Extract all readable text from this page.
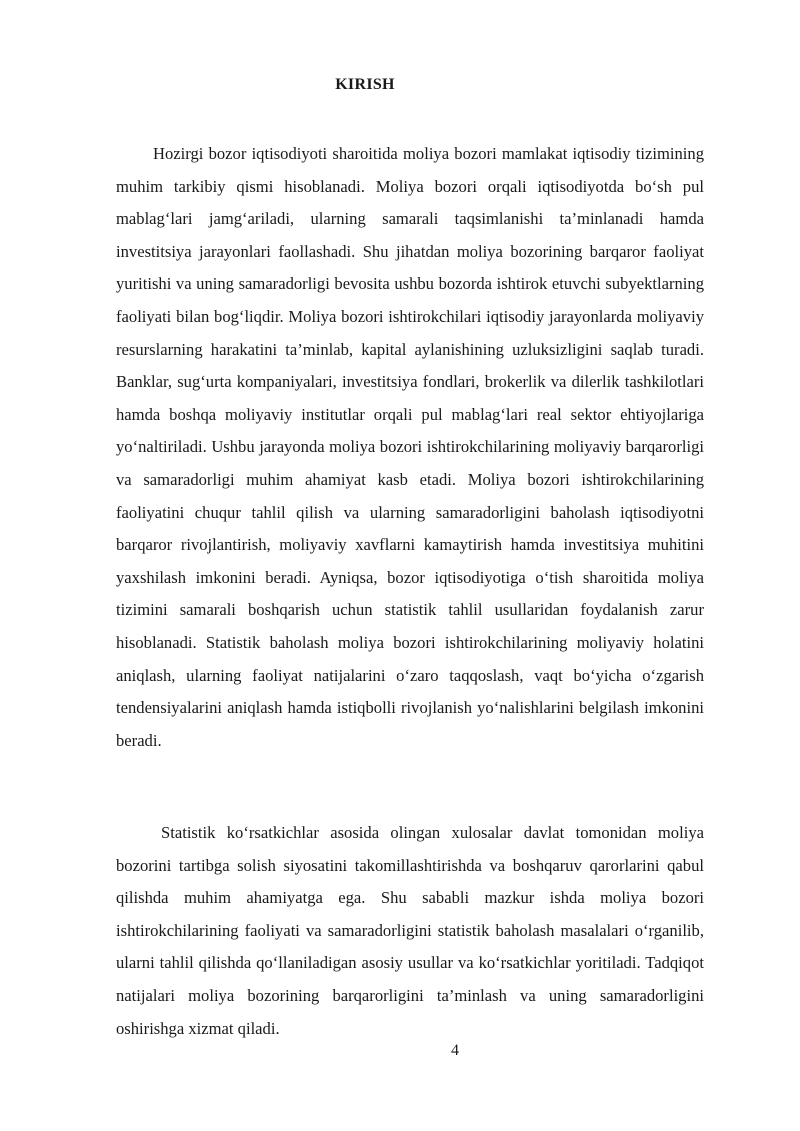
KIRISH

Hozirgi bozor iqtisodiyoti sharoitida moliya bozori mamlakat iqtisodiy tizimining muhim tarkibiy qismi hisoblanadi. Moliya bozori orqali iqtisodiyotda bo‘sh pul mablag‘lari jamg‘ariladi, ularning samarali taqsimlanishi ta’minlanadi hamda investitsiya jarayonlari faollashadi. Shu jihatdan moliya bozorining barqaror faoliyat yuritishi va uning samaradorligi bevosita ushbu bozorda ishtirok etuvchi subyektlarning faoliyati bilan bog‘liqdir. Moliya bozori ishtirokchilari iqtisodiy jarayonlarda moliyaviy resurslarning harakatini ta’minlab, kapital aylanishining uzluksizligini saqlab turadi. Banklar, sug‘urta kompaniyalari, investitsiya fondlari, brokerlik va dilerlik tashkilotlari hamda boshqa moliyaviy institutlar orqali pul mablag‘lari real sektor ehtiyojlariga yo‘naltiriladi. Ushbu jarayonda moliya bozori ishtirokchilarining moliyaviy barqarorligi va samaradorligi muhim ahamiyat kasb etadi. Moliya bozori ishtirokchilarining faoliyatini chuqur tahlil qilish va ularning samaradorligini baholash iqtisodiyotni barqaror rivojlantirish, moliyaviy xavflarni kamaytirish hamda investitsiya muhitini yaxshilash imkonini beradi. Ayniqsa, bozor iqtisodiyotiga o‘tish sharoitida moliya tizimini samarali boshqarish uchun statistik tahlil usullaridan foydalanish zarur hisoblanadi. Statistik baholash moliya bozori ishtirokchilarining moliyaviy holatini aniqlash, ularning faoliyat natijalarini o‘zaro taqqoslash, vaqt bo‘yicha o‘zgarish tendensiyalarini aniqlash hamda istiqbolli rivojlanish yo‘nalishlarini belgilash imkonini beradi.

Statistik ko‘rsatkichlar asosida olingan xulosalar davlat tomonidan moliya bozorini tartibga solish siyosatini takomillashtirishda va boshqaruv qarorlarini qabul qilishda muhim ahamiyatga ega. Shu sababli mazkur ishda moliya bozori ishtirokchilarining faoliyati va samaradorligini statistik baholash masalalari o‘rganilib, ularni tahlil qilishda qo‘llaniladigan asosiy usullar va ko‘rsatkichlar yoritiladi. Tadqiqot natijalari moliya bozorining barqarorligini ta’minlash va uning samaradorligini oshirishga xizmat qiladi.

4
